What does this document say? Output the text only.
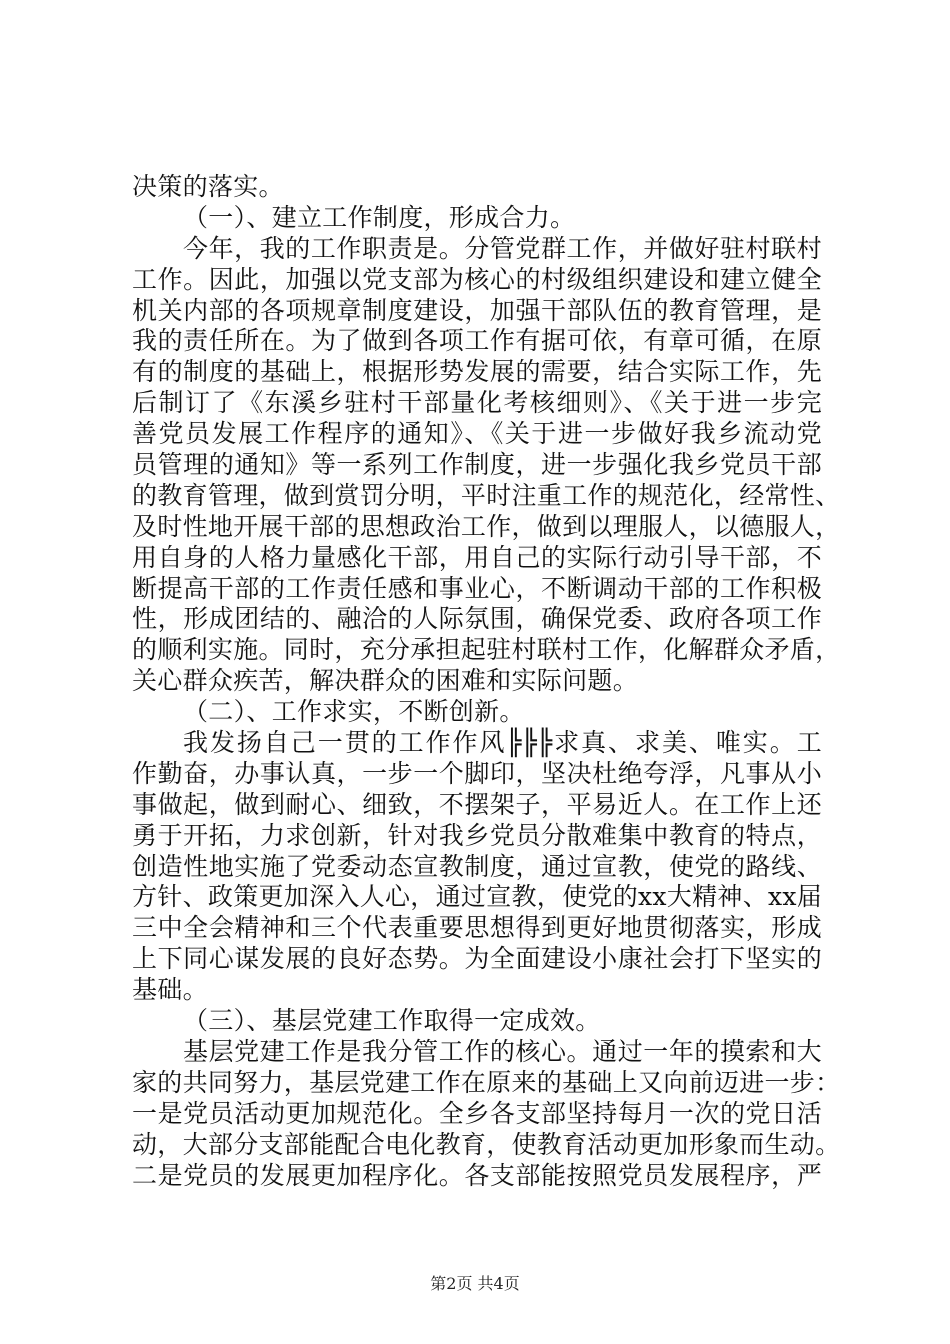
决策的落实。
（一）、建立工作制度，形成合力。
今年，我的工作职责是。分管党群工作，并做好驻村联村
工作。因此，加强以党支部为核心的村级组织建设和建立健全
机关内部的各项规章制度建设，加强干部队伍的教育管理，是
我的责任所在。为了做到各项工作有据可依，有章可循，在原
有的制度的基础上，根据形势发展的需要，结合实际工作，先
后制订了《东溪乡驻村干部量化考核细则》、《关于进一步完
善党员发展工作程序的通知》、《关于进一步做好我乡流动党
员管理的通知》等一系列工作制度，进一步强化我乡党员干部
的教育管理，做到赏罚分明，平时注重工作的规范化，经常性、
及时性地开展干部的思想政治工作，做到以理服人，以德服人，
用自身的人格力量感化干部，用自己的实际行动引导干部，不
断提高干部的工作责任感和事业心，不断调动干部的工作积极
性，形成团结的、融洽的人际氛围，确保党委、政府各项工作
的顺利实施。同时，充分承担起驻村联村工作，化解群众矛盾，
关心群众疾苦，解决群众的困难和实际问题。
（二）、工作求实，不断创新。
我发扬自己一贯的工作作风╠╠╠求真、求美、唯实。工
作勤奋，办事认真，一步一个脚印，坚决杜绝夸浮，凡事从小
事做起，做到耐心、细致，不摆架子，平易近人。在工作上还
勇于开拓，力求创新，针对我乡党员分散难集中教育的特点，
创造性地实施了党委动态宣教制度，通过宣教，使党的路线、
方针、政策更加深入人心，通过宣教，使党的xx大精神、xx届
三中全会精神和三个代表重要思想得到更好地贯彻落实，形成
上下同心谋发展的良好态势。为全面建设小康社会打下坚实的
基础。
（三）、基层党建工作取得一定成效。
基层党建工作是我分管工作的核心。通过一年的摸索和大
家的共同努力，基层党建工作在原来的基础上又向前迈进一步：
一是党员活动更加规范化。全乡各支部坚持每月一次的党日活
动，大部分支部能配合电化教育，使教育活动更加形象而生动。
二是党员的发展更加程序化。各支部能按照党员发展程序，严
第2页 共4页
